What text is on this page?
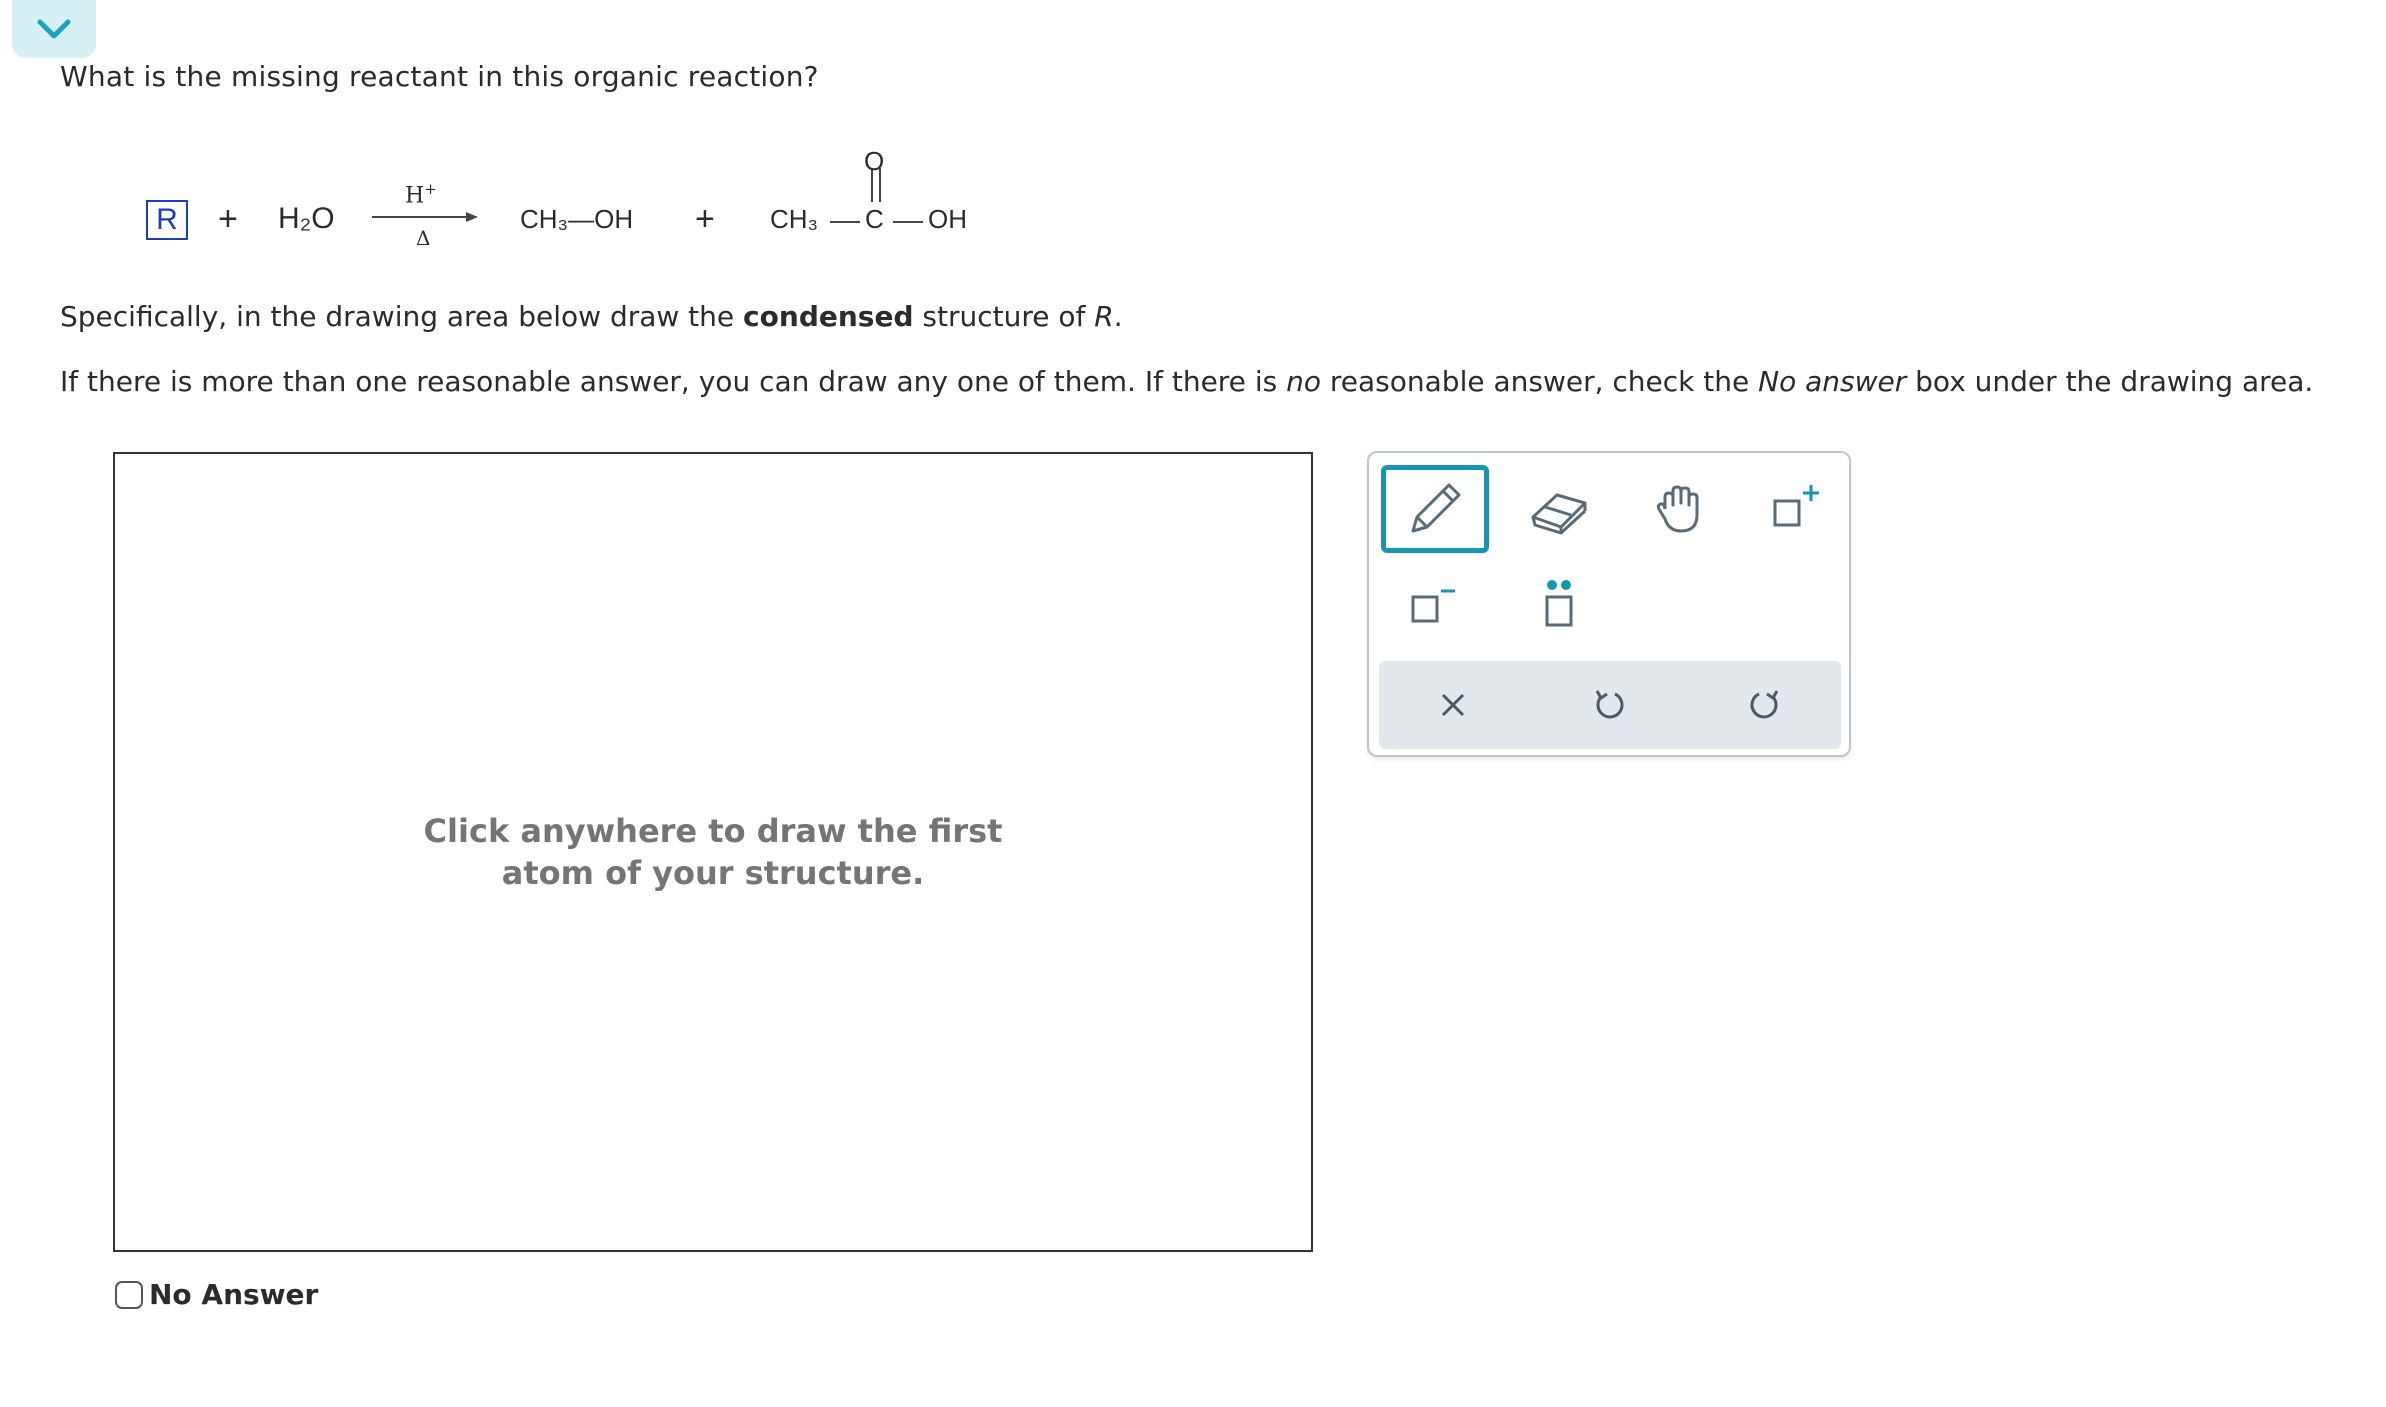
What is the missing reactant in this organic reaction?
R + H₂O
H+
Δ
CH₃—OH + CH₃
O
C OH
Specifically, in the drawing area below draw the condensed structure of R.
If there is more than one reasonable answer, you can draw any one of them. If there is no reasonable answer, check the No answer box under the drawing area.
Click anywhere to draw the first
atom of your structure.
No Answer
